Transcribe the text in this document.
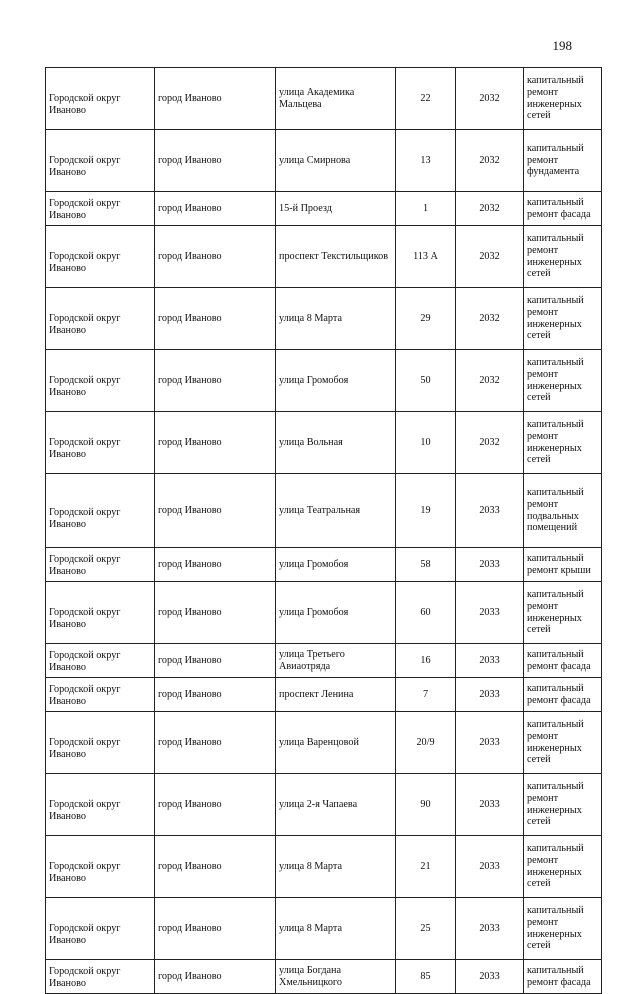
198
Городской округ Иваново	город Иваново	улица Академика Мальцева	22	2032	капитальный ремонт инженерных сетей
Городской округ Иваново	город Иваново	улица Смирнова	13	2032	капитальный ремонт фундамента
Городской округ Иваново	город Иваново	15-й Проезд	1	2032	капитальный ремонт фасада
Городской округ Иваново	город Иваново	проспект Текстильщиков	113 А	2032	капитальный ремонт инженерных сетей
Городской округ Иваново	город Иваново	улица 8 Марта	29	2032	капитальный ремонт инженерных сетей
Городской округ Иваново	город Иваново	улица Громобоя	50	2032	капитальный ремонт инженерных сетей
Городской округ Иваново	город Иваново	улица Вольная	10	2032	капитальный ремонт инженерных сетей
Городской округ Иваново	город Иваново	улица Театральная	19	2033	капитальный ремонт подвальных помещений
Городской округ Иваново	город Иваново	улица Громобоя	58	2033	капитальный ремонт крыши
Городской округ Иваново	город Иваново	улица Громобоя	60	2033	капитальный ремонт инженерных сетей
Городской округ Иваново	город Иваново	улица Третьего Авиаотряда	16	2033	капитальный ремонт фасада
Городской округ Иваново	город Иваново	проспект Ленина	7	2033	капитальный ремонт фасада
Городской округ Иваново	город Иваново	улица Варенцовой	20/9	2033	капитальный ремонт инженерных сетей
Городской округ Иваново	город Иваново	улица 2-я Чапаева	90	2033	капитальный ремонт инженерных сетей
Городской округ Иваново	город Иваново	улица 8 Марта	21	2033	капитальный ремонт инженерных сетей
Городской округ Иваново	город Иваново	улица 8 Марта	25	2033	капитальный ремонт инженерных сетей
Городской округ Иваново	город Иваново	улица Богдана Хмельницкого	85	2033	капитальный ремонт фасада
